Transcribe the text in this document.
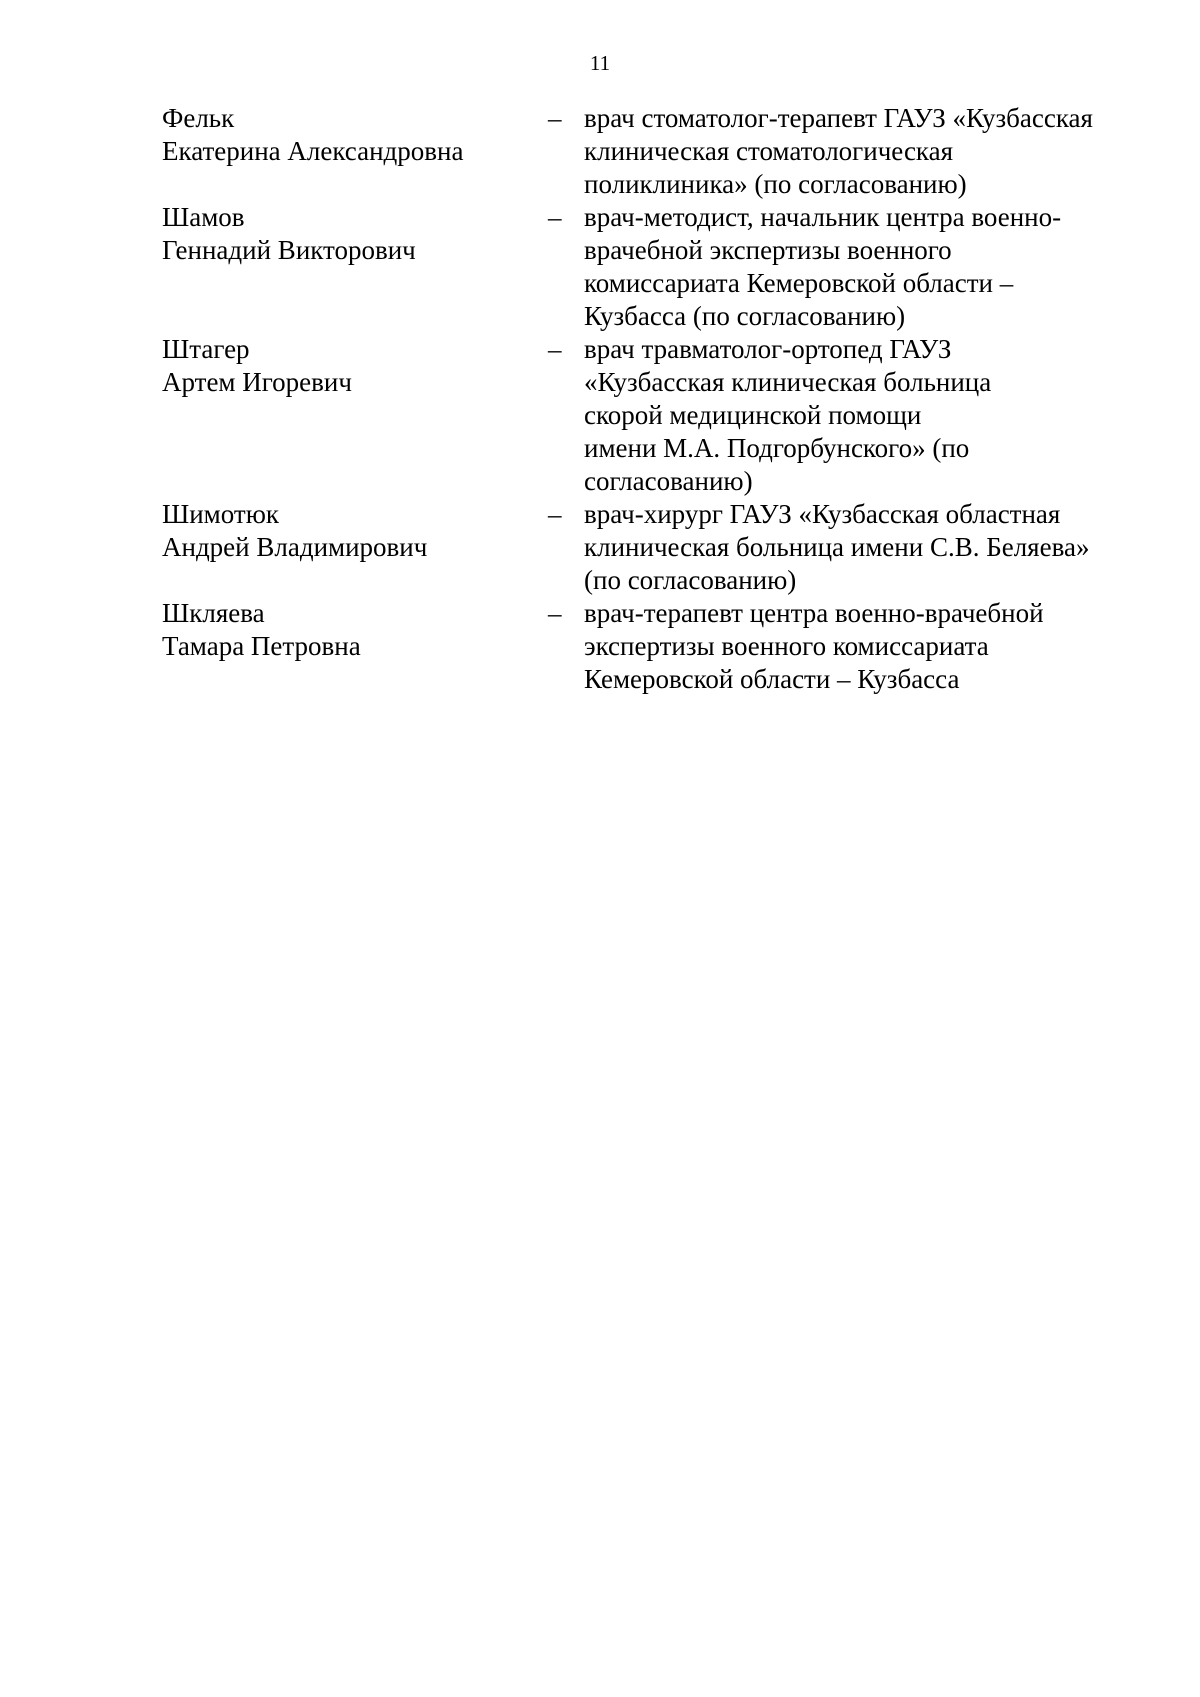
11
Фельк
Екатерина Александровна
– врач стоматолог-терапевт ГАУЗ «Кузбасская
клиническая стоматологическая
поликлиника» (по согласованию)
Шамов
Геннадий Викторович
– врач-методист, начальник центра военно-
врачебной экспертизы военного
комиссариата Кемеровской области –
Кузбасса (по согласованию)
Штагер
Артем Игоревич
– врач травматолог-ортопед ГАУЗ
«Кузбасская клиническая больница
скорой медицинской помощи
имени М.А. Подгорбунского» (по
согласованию)
Шимотюк
Андрей Владимирович
– врач-хирург ГАУЗ «Кузбасская областная
клиническая больница имени С.В. Беляева»
(по согласованию)
Шкляева
Тамара Петровна
– врач-терапевт центра военно-врачебной
экспертизы военного комиссариата
Кемеровской области – Кузбасса
